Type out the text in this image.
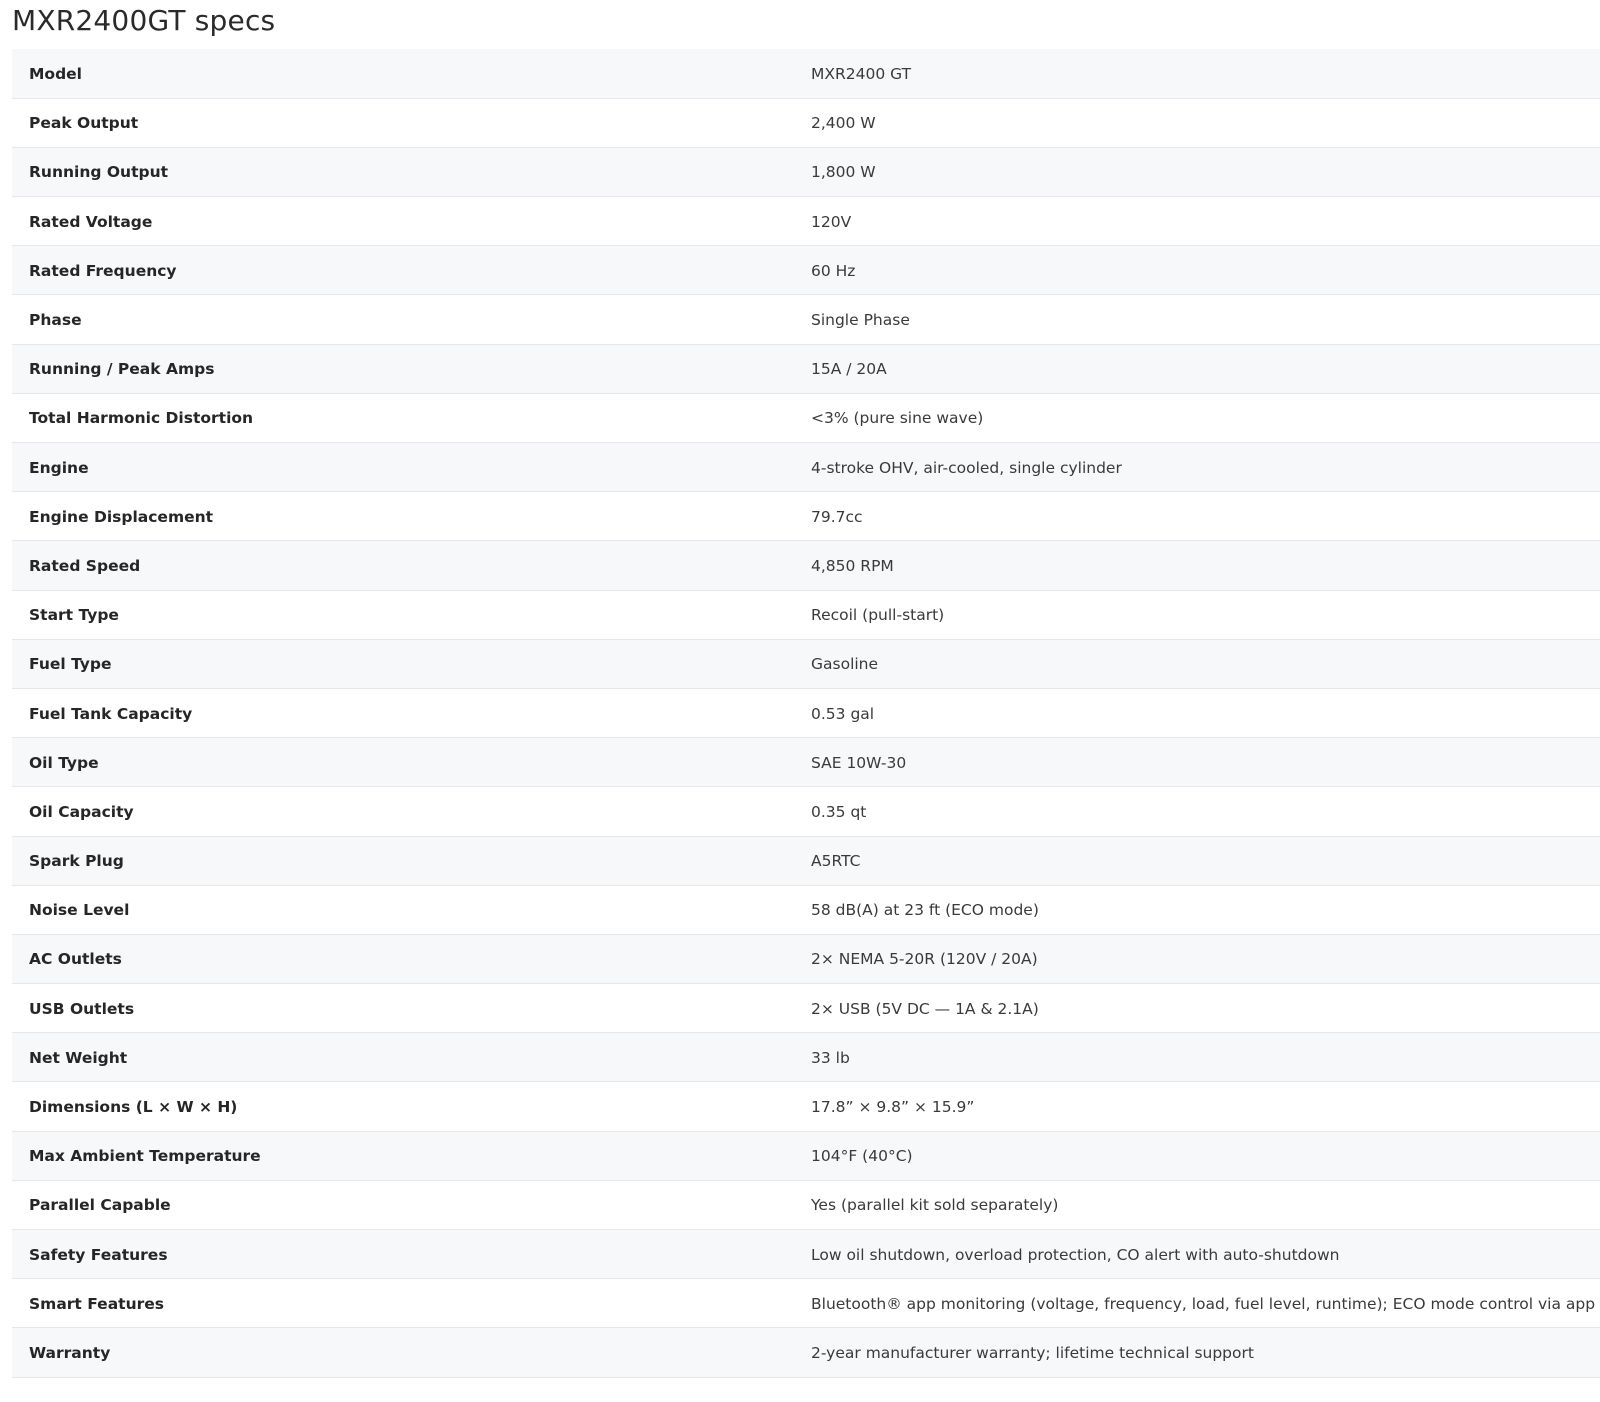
MXR2400GT specs
Model	MXR2400 GT
Peak Output	2,400 W
Running Output	1,800 W
Rated Voltage	120V
Rated Frequency	60 Hz
Phase	Single Phase
Running / Peak Amps	15A / 20A
Total Harmonic Distortion	<3% (pure sine wave)
Engine	4-stroke OHV, air-cooled, single cylinder
Engine Displacement	79.7cc
Rated Speed	4,850 RPM
Start Type	Recoil (pull-start)
Fuel Type	Gasoline
Fuel Tank Capacity	0.53 gal
Oil Type	SAE 10W-30
Oil Capacity	0.35 qt
Spark Plug	A5RTC
Noise Level	58 dB(A) at 23 ft (ECO mode)
AC Outlets	2× NEMA 5-20R (120V / 20A)
USB Outlets	2× USB (5V DC — 1A & 2.1A)
Net Weight	33 lb
Dimensions (L × W × H)	17.8” × 9.8” × 15.9”
Max Ambient Temperature	104°F (40°C)
Parallel Capable	Yes (parallel kit sold separately)
Safety Features	Low oil shutdown, overload protection, CO alert with auto-shutdown
Smart Features	Bluetooth® app monitoring (voltage, frequency, load, fuel level, runtime); ECO mode control via app
Warranty	2-year manufacturer warranty; lifetime technical support
